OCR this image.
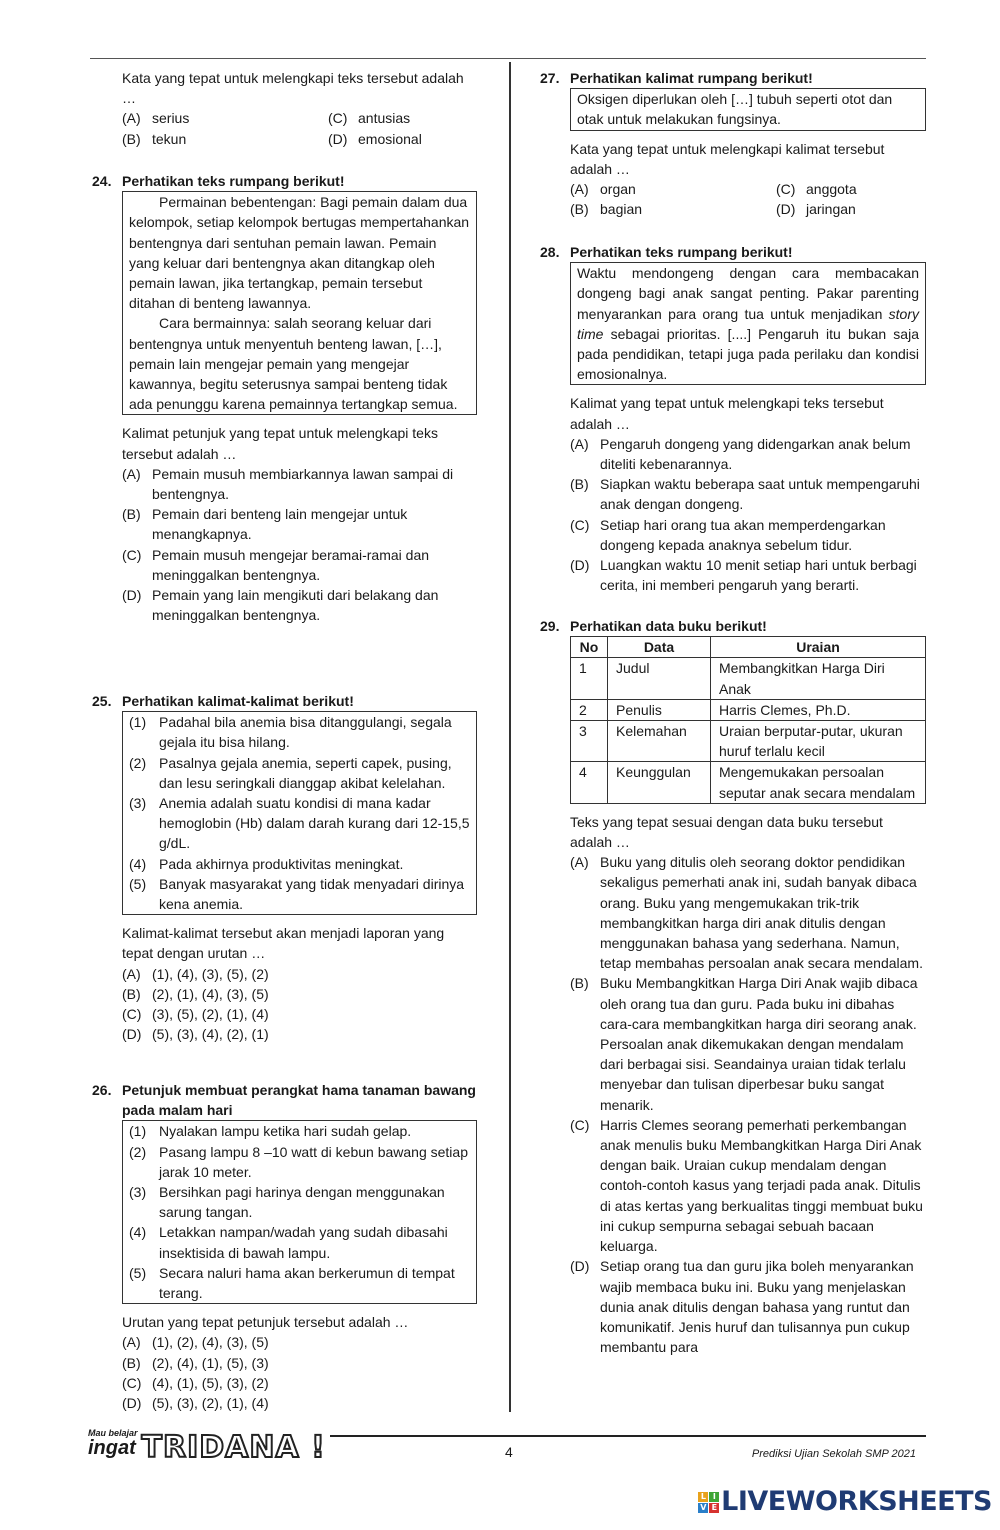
Kata yang tepat untuk melengkapi teks tersebut adalah …

(A) serius	(C) antusias
(B) tekun	(D) emosional
24. Perhatikan teks rumpang berikut!

Permainan bebentengan: Bagi pemain dalam dua kelompok, setiap kelompok bertugas mempertahankan bentengnya dari sentuhan pemain lawan. Pemain yang keluar dari bentengnya akan ditangkap oleh pemain lawan, jika tertangkap, pemain tersebut ditahan di benteng lawannya.

Cara bermainnya: salah seorang keluar dari bentengnya untuk menyentuh benteng lawan, […], pemain lain mengejar pemain yang mengejar kawannya, begitu seterusnya sampai benteng tidak ada penunggu karena pemainnya tertangkap semua.

Kalimat petunjuk yang tepat untuk melengkapi teks tersebut adalah …

(A) Pemain musuh membiarkannya lawan sampai di bentengnya.
(B) Pemain dari benteng lain mengejar untuk menangkapnya.
(C) Pemain musuh mengejar beramai-ramai dan meninggalkan bentengnya.
(D) Pemain yang lain mengikuti dari belakang dan meninggalkan bentengnya.
25. Perhatikan kalimat-kalimat berikut!
(1) Padahal bila anemia bisa ditanggulangi, segala gejala itu bisa hilang.
(2) Pasalnya gejala anemia, seperti capek, pusing, dan lesu seringkali dianggap akibat kelelahan.
(3) Anemia adalah suatu kondisi di mana kadar hemoglobin (Hb) dalam darah kurang dari 12-15,5 g/dL.
(4) Pada akhirnya produktivitas meningkat.
(5) Banyak masyarakat yang tidak menyadari dirinya kena anemia.

Kalimat-kalimat tersebut akan menjadi laporan yang tepat dengan urutan …

(A) (1), (4), (3), (5), (2)
(B) (2), (1), (4), (3), (5)
(C) (3), (5), (2), (1), (4)
(D) (5), (3), (4), (2), (1)
26. Petunjuk membuat perangkat hama tanaman bawang pada malam hari
(1) Nyalakan lampu ketika hari sudah gelap.
(2) Pasang lampu 8 –10 watt di kebun bawang setiap jarak 10 meter.
(3) Bersihkan pagi harinya dengan menggunakan sarung tangan.
(4) Letakkan nampan/wadah yang sudah dibasahi insektisida di bawah lampu.
(5) Secara naluri hama akan berkerumun di tempat terang.

Urutan yang tepat petunjuk tersebut adalah …

(A) (1), (2), (4), (3), (5)
(B) (2), (4), (1), (5), (3)
(C) (4), (1), (5), (3), (2)
(D) (5), (3), (2), (1), (4)
27. Perhatikan kalimat rumpang berikut!

Oksigen diperlukan oleh […] tubuh seperti otot dan otak untuk melakukan fungsinya.

Kata yang tepat untuk melengkapi kalimat tersebut adalah …

(A) organ	(C) anggota
(B) bagian	(D) jaringan
28. Perhatikan teks rumpang berikut!

Waktu mendongeng dengan cara membacakan dongeng bagi anak sangat penting. Pakar parenting menyarankan para orang tua untuk menjadikan story time sebagai prioritas. [....] Pengaruh itu bukan saja pada pendidikan, tetapi juga pada perilaku dan kondisi emosionalnya.

Kalimat yang tepat untuk melengkapi teks tersebut adalah …

(A) Pengaruh dongeng yang didengarkan anak belum diteliti kebenarannya.
(B) Siapkan waktu beberapa saat untuk mempengaruhi anak dengan dongeng.
(C) Setiap hari orang tua akan memperdengarkan dongeng kepada anaknya sebelum tidur.
(D) Luangkan waktu 10 menit setiap hari untuk berbagi cerita, ini memberi pengaruh yang berarti.
29. Perhatikan data buku berikut!
No	Data	Uraian
1	Judul	Membangkitkan Harga Diri Anak
2	Penulis	Harris Clemes, Ph.D.
3	Kelemahan	Uraian berputar-putar, ukuran huruf terlalu kecil
4	Keunggulan	Mengemukakan persoalan seputar anak secara mendalam

Teks yang tepat sesuai dengan data buku tersebut adalah …

(A) Buku yang ditulis oleh seorang doktor pendidikan sekaligus pemerhati anak ini, sudah banyak dibaca orang. Buku yang mengemukakan trik-trik membangkitkan harga diri anak ditulis dengan menggunakan bahasa yang sederhana. Namun, tetap membahas persoalan anak secara mendalam.
(B) Buku Membangkitkan Harga Diri Anak wajib dibaca oleh orang tua dan guru. Pada buku ini dibahas cara-cara membangkitkan harga diri seorang anak. Persoalan anak dikemukakan dengan mendalam dari berbagai sisi. Seandainya uraian tidak terlalu menyebar dan tulisan diperbesar buku sangat menarik.
(C) Harris Clemes seorang pemerhati perkembangan anak menulis buku Membangkitkan Harga Diri Anak dengan baik. Uraian cukup mendalam dengan contoh-contoh kasus yang terjadi pada anak. Ditulis di atas kertas yang berkualitas tinggi membuat buku ini cukup sempurna sebagai sebuah bacaan keluarga.
(D) Setiap orang tua dan guru jika boleh menyarankan wajib membaca buku ini. Buku yang menjelaskan dunia anak ditulis dengan bahasa yang runtut dan komunikatif. Jenis huruf dan tulisannya pun cukup membantu para
Mau belajar
ingat TRIDANA !	4	Prediksi Ujian Sekolah SMP 2021
L I
V E LIVEWORKSHEETS
